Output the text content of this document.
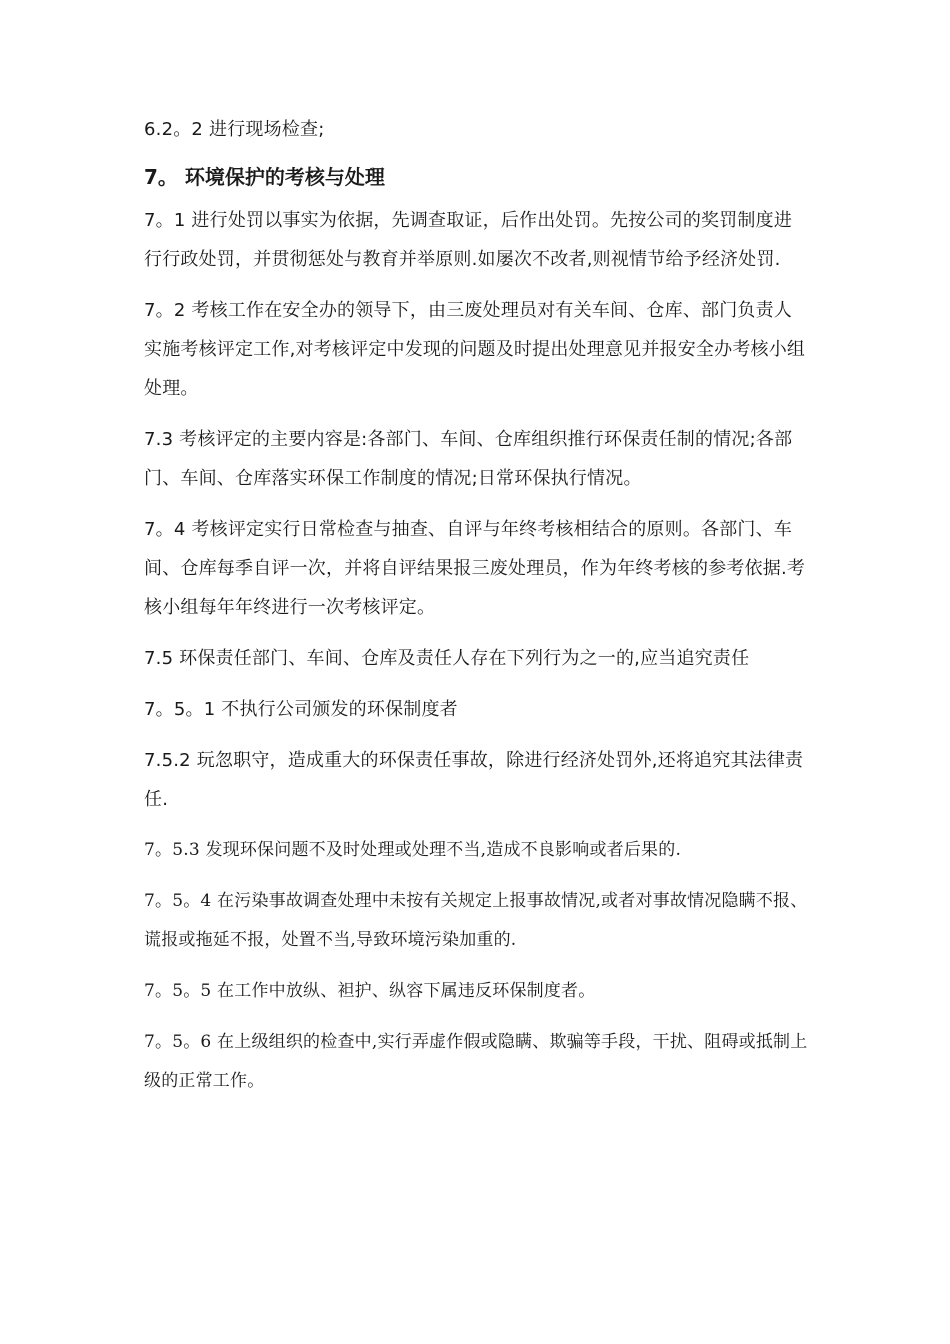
6.2。2 进行现场检查;

7。 环境保护的考核与处理

7。1 进行处罚以事实为依据，先调查取证，后作出处罚。先按公司的奖罚制度进行行政处罚，并贯彻惩处与教育并举原则.如屡次不改者,则视情节给予经济处罚.

7。2 考核工作在安全办的领导下，由三废处理员对有关车间、仓库、部门负责人实施考核评定工作,对考核评定中发现的问题及时提出处理意见并报安全办考核小组处理。

7.3 考核评定的主要内容是:各部门、车间、仓库组织推行环保责任制的情况;各部门、车间、仓库落实环保工作制度的情况;日常环保执行情况。

7。4 考核评定实行日常检查与抽查、自评与年终考核相结合的原则。各部门、车间、仓库每季自评一次，并将自评结果报三废处理员，作为年终考核的参考依据.考核小组每年年终进行一次考核评定。

7.5 环保责任部门、车间、仓库及责任人存在下列行为之一的,应当追究责任

7。5。1 不执行公司颁发的环保制度者

7.5.2 玩忽职守，造成重大的环保责任事故，除进行经济处罚外,还将追究其法律责任.

7。5.3 发现环保问题不及时处理或处理不当,造成不良影响或者后果的.

7。5。4 在污染事故调查处理中未按有关规定上报事故情况,或者对事故情况隐瞒不报、谎报或拖延不报，处置不当,导致环境污染加重的.

7。5。5 在工作中放纵、袒护、纵容下属违反环保制度者。

7。5。6 在上级组织的检查中,实行弄虚作假或隐瞒、欺骗等手段，干扰、阻碍或抵制上级的正常工作。
